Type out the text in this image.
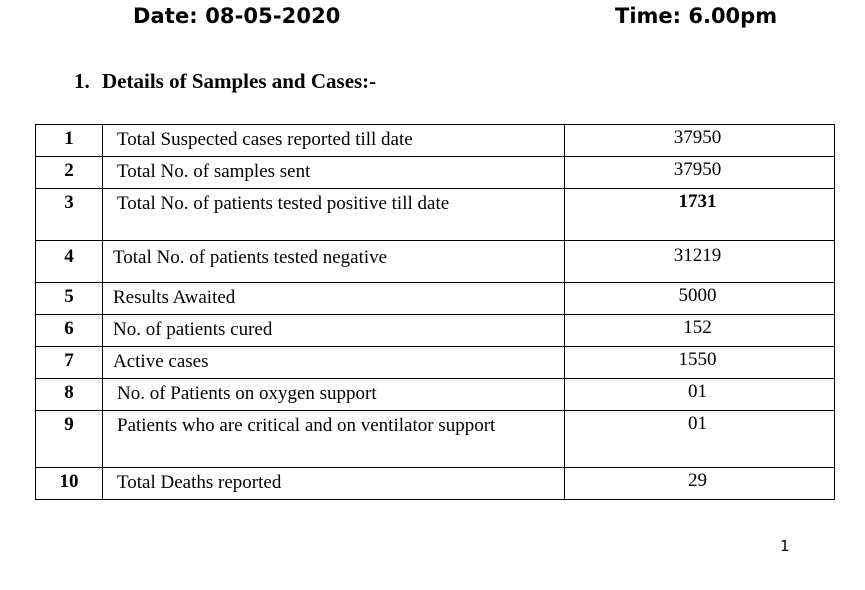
Date: 08-05-2020	Time: 6.00pm
1. Details of Samples and Cases:-
1	Total Suspected cases reported till date	37950
2	Total No. of samples sent	37950
3	Total No. of patients tested positive till date	1731
4	Total No. of patients tested negative	31219
5	Results Awaited	5000
6	No. of patients cured	152
7	Active cases	1550
8	No. of Patients on oxygen support	01
9	Patients who are critical and on ventilator support	01
10	Total Deaths reported	29
1
